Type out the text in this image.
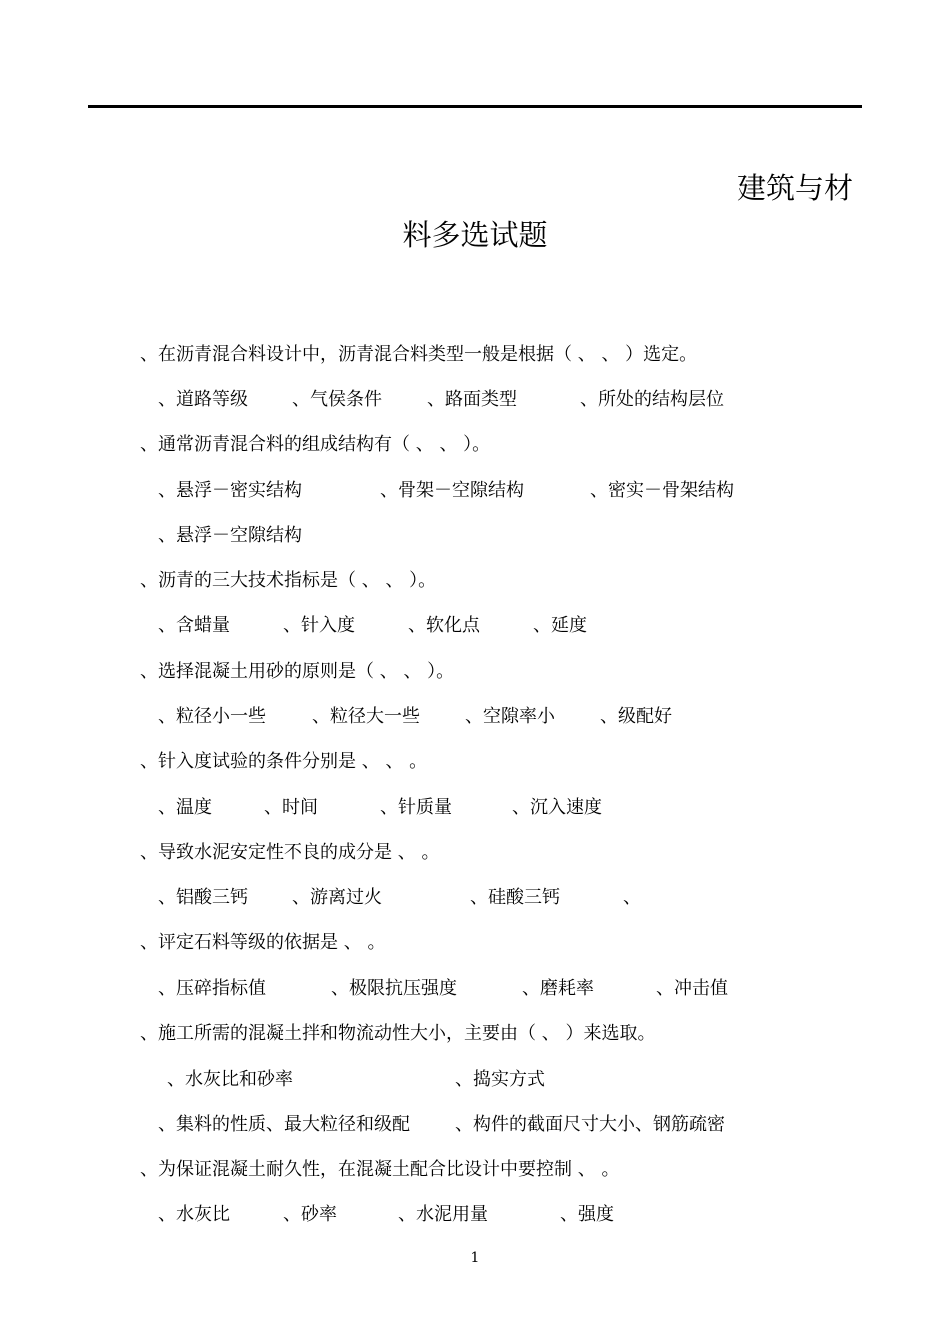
建筑与材
料多选试题
、在沥青混合料设计中，沥青混合料类型一般是根据（ 、 、 ）选定。
、道路等级 、气侯条件	、路面类型	、所处的结构层位
、通常沥青混合料的组成结构有（ 、 、 ）。
、悬浮－密实结构	、骨架－空隙结构	、密实－骨架结构
、悬浮－空隙结构
、沥青的三大技术指标是（ 、 、 ）。
、含蜡量	、针入度	、软化点	、延度
、选择混凝土用砂的原则是（ 、 、 ）。
、粒径小一些	、粒径大一些	、空隙率小	、级配好
、针入度试验的条件分别是 、 、 。
、温度	、时间	、针质量	、沉入速度
、导致水泥安定性不良的成分是 、 。
、铝酸三钙 、游离过火	、硅酸三钙	、
、评定石料等级的依据是 、 。
、压碎指标值	、极限抗压强度	、磨耗率	、冲击值
、施工所需的混凝土拌和物流动性大小，主要由（ 、 ）来选取。
、水灰比和砂率	、捣实方式
、集料的性质、最大粒径和级配	、构件的截面尺寸大小、钢筋疏密
、为保证混凝土耐久性，在混凝土配合比设计中要控制 、 。
、水灰比	、砂率	、水泥用量	、强度
1
